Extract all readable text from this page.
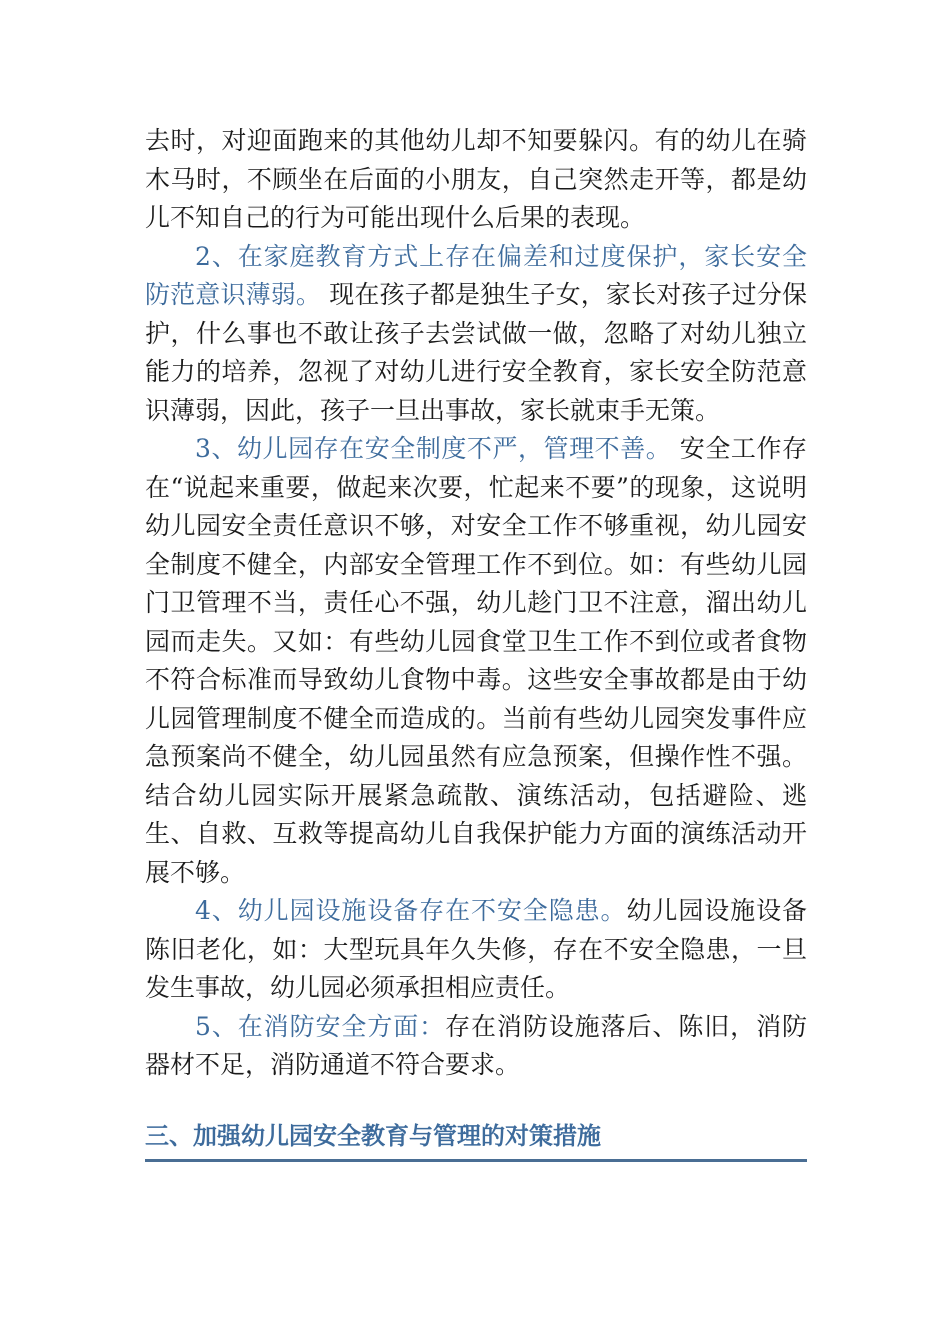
去时，对迎面跑来的其他幼儿却不知要躲闪。有的幼儿在骑木马时，不顾坐在后面的小朋友，自己突然走开等，都是幼儿不知自己的行为可能出现什么后果的表现。

2、在家庭教育方式上存在偏差和过度保护，家长安全防范意识薄弱。 现在孩子都是独生子女，家长对孩子过分保护，什么事也不敢让孩子去尝试做一做，忽略了对幼儿独立能力的培养，忽视了对幼儿进行安全教育，家长安全防范意识薄弱，因此，孩子一旦出事故，家长就束手无策。

3、幼儿园存在安全制度不严，管理不善。 安全工作存在“说起来重要，做起来次要，忙起来不要”的现象，这说明幼儿园安全责任意识不够，对安全工作不够重视，幼儿园安全制度不健全，内部安全管理工作不到位。如：有些幼儿园门卫管理不当，责任心不强，幼儿趁门卫不注意，溜出幼儿园而走失。又如：有些幼儿园食堂卫生工作不到位或者食物不符合标准而导致幼儿食物中毒。这些安全事故都是由于幼儿园管理制度不健全而造成的。当前有些幼儿园突发事件应急预案尚不健全，幼儿园虽然有应急预案，但操作性不强。结合幼儿园实际开展紧急疏散、演练活动，包括避险、逃生、自救、互救等提高幼儿自我保护能力方面的演练活动开展不够。

4、幼儿园设施设备存在不安全隐患。幼儿园设施设备陈旧老化，如：大型玩具年久失修，存在不安全隐患，一旦发生事故，幼儿园必须承担相应责任。

5、在消防安全方面：存在消防设施落后、陈旧，消防器材不足，消防通道不符合要求。

三、加强幼儿园安全教育与管理的对策措施
